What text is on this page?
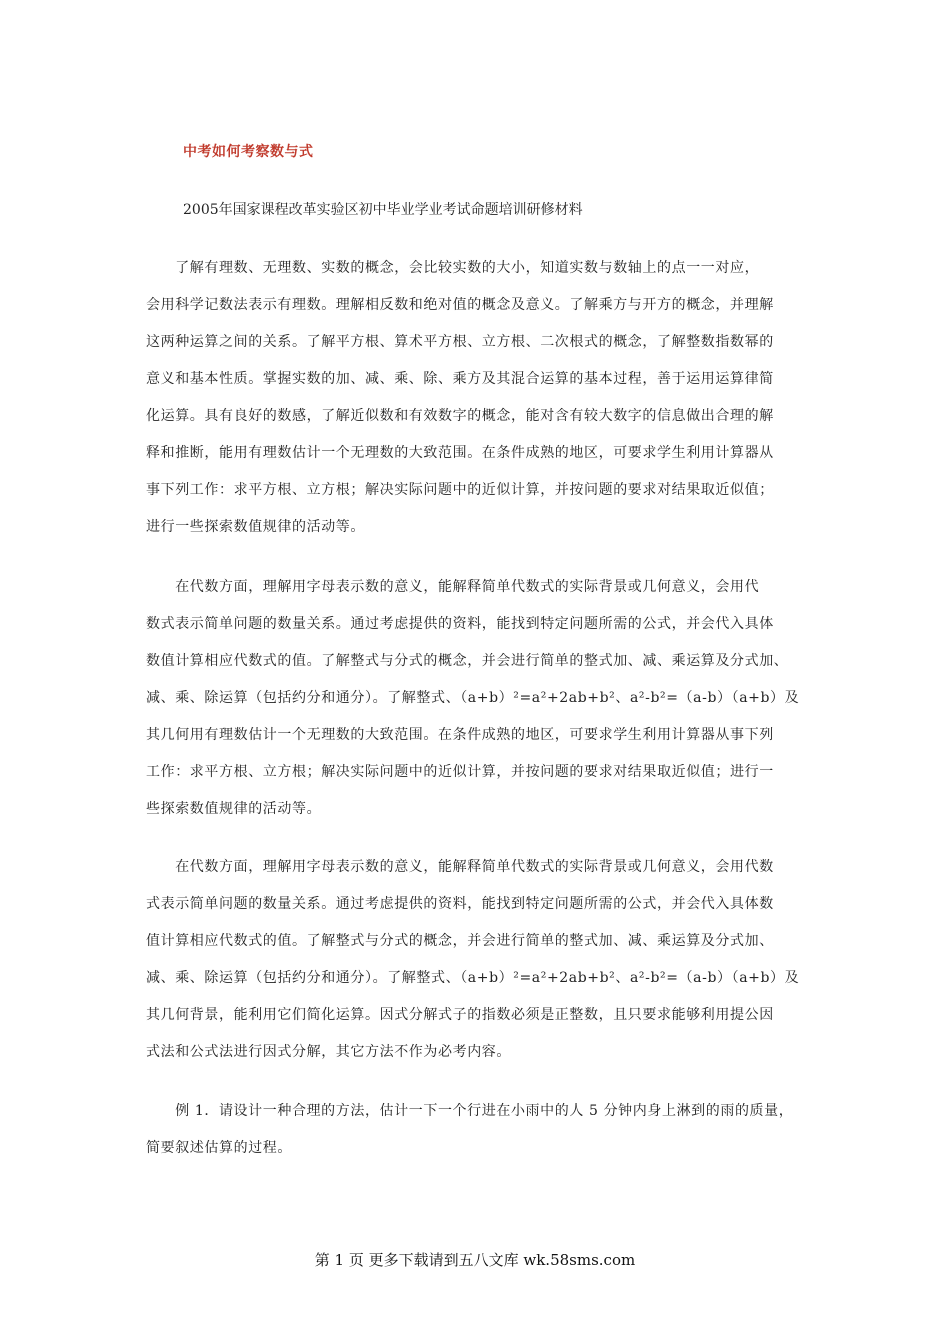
中考如何考察数与式
2005年国家课程改革实验区初中毕业学业考试命题培训研修材料
　　了解有理数、无理数、实数的概念，会比较实数的大小，知道实数与数轴上的点一一对应，
会用科学记数法表示有理数。理解相反数和绝对值的概念及意义。了解乘方与开方的概念，并理解
这两种运算之间的关系。了解平方根、算术平方根、立方根、二次根式的概念，了解整数指数幂的
意义和基本性质。掌握实数的加、减、乘、除、乘方及其混合运算的基本过程，善于运用运算律简
化运算。具有良好的数感，了解近似数和有效数字的概念，能对含有较大数字的信息做出合理的解
释和推断，能用有理数估计一个无理数的大致范围。在条件成熟的地区，可要求学生利用计算器从
事下列工作：求平方根、立方根；解决实际问题中的近似计算，并按问题的要求对结果取近似值；
进行一些探索数值规律的活动等。
　　在代数方面，理解用字母表示数的意义，能解释简单代数式的实际背景或几何意义，会用代
数式表示简单问题的数量关系。通过考虑提供的资料，能找到特定问题所需的公式，并会代入具体
数值计算相应代数式的值。了解整式与分式的概念，并会进行简单的整式加、减、乘运算及分式加、
减、乘、除运算（包括约分和通分）。了解整式、（a+b）²=a²+2ab+b²、a²-b²=（a-b）（a+b）及
其几何用有理数估计一个无理数的大致范围。在条件成熟的地区，可要求学生利用计算器从事下列
工作：求平方根、立方根；解决实际问题中的近似计算，并按问题的要求对结果取近似值；进行一
些探索数值规律的活动等。
　　在代数方面，理解用字母表示数的意义，能解释简单代数式的实际背景或几何意义，会用代数
式表示简单问题的数量关系。通过考虑提供的资料，能找到特定问题所需的公式，并会代入具体数
值计算相应代数式的值。了解整式与分式的概念，并会进行简单的整式加、减、乘运算及分式加、
减、乘、除运算（包括约分和通分）。了解整式、（a+b）²=a²+2ab+b²、a²-b²=（a-b）（a+b）及
其几何背景，能利用它们简化运算。因式分解式子的指数必须是正整数，且只要求能够利用提公因
式法和公式法进行因式分解，其它方法不作为必考内容。
　　例 1．请设计一种合理的方法，估计一下一个行进在小雨中的人 5 分钟内身上淋到的雨的质量，
简要叙述估算的过程。
第 1 页 更多下载请到五八文库 wk.58sms.com
